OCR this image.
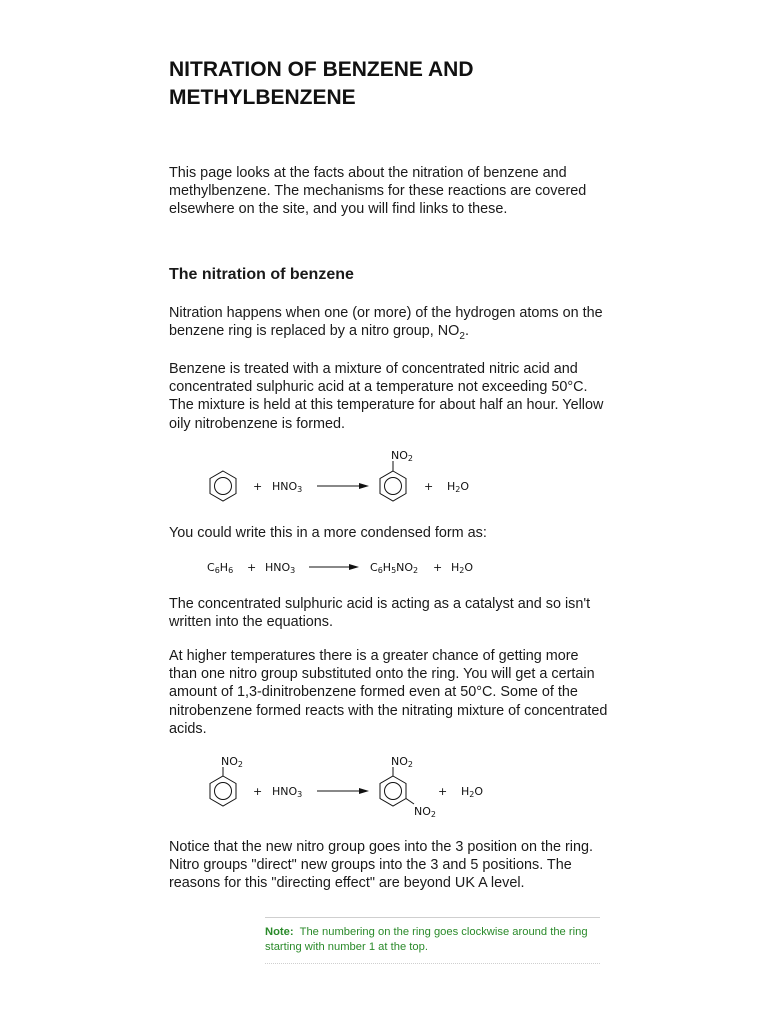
NITRATION OF BENZENE AND METHYLBENZENE

This page looks at the facts about the nitration of benzene and methylbenzene. The mechanisms for these reactions are covered elsewhere on the site, and you will find links to these.

The nitration of benzene

Nitration happens when one (or more) of the hydrogen atoms on the benzene ring is replaced by a nitro group, $NO_2$.

Benzene is treated with a mixture of concentrated nitric acid and concentrated sulphuric acid at a temperature not exceeding 50°C. The mixture is held at this temperature for about half an hour. Yellow oily nitrobenzene is formed.

+ HNO3
NO2
+ H2O

You could write this in a more condensed form as:

C6H6 + HNO3	C6H5NO2 + H2O

The concentrated sulphuric acid is acting as a catalyst and so isn't written into the equations.

At higher temperatures there is a greater chance of getting more than one nitro group substituted onto the ring. You will get a certain amount of 1,3-dinitrobenzene formed even at 50°C. Some of the nitrobenzene formed reacts with the nitrating mixture of concentrated acids.

NO2
+ HNO3
NO2
NO2
+ H2O

Notice that the new nitro group goes into the 3 position on the ring. Nitro groups "direct" new groups into the 3 and 5 positions. The reasons for this "directing effect" are beyond UK A level.

Note: The numbering on the ring goes clockwise around the ring starting with number 1 at the top.
